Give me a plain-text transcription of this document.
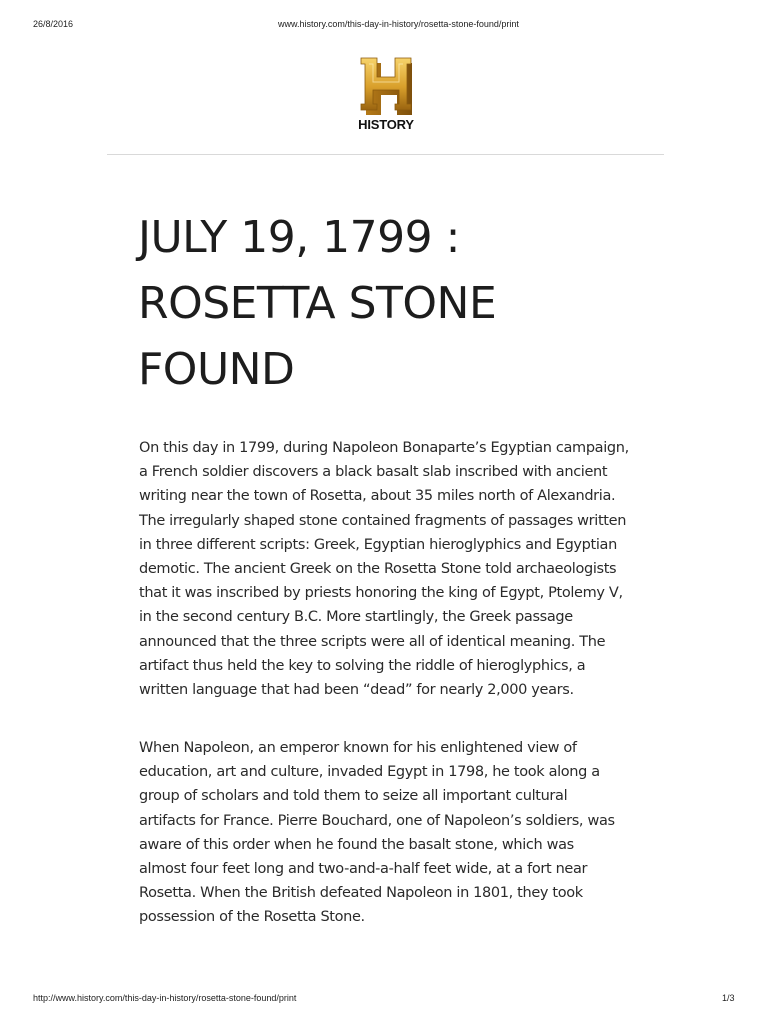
26/8/2016	www.history.com/this-day-in-history/rosetta-stone-found/print
HISTORY
JULY 19, 1799 :
ROSETTA STONE
FOUND

On this day in 1799, during Napoleon Bonaparte’s Egyptian campaign,
a French soldier discovers a black basalt slab inscribed with ancient
writing near the town of Rosetta, about 35 miles north of Alexandria.
The irregularly shaped stone contained fragments of passages written
in three different scripts: Greek, Egyptian hieroglyphics and Egyptian
demotic. The ancient Greek on the Rosetta Stone told archaeologists
that it was inscribed by priests honoring the king of Egypt, Ptolemy V,
in the second century B.C. More startlingly, the Greek passage
announced that the three scripts were all of identical meaning. The
artifact thus held the key to solving the riddle of hieroglyphics, a
written language that had been “dead” for nearly 2,000 years.

When Napoleon, an emperor known for his enlightened view of
education, art and culture, invaded Egypt in 1798, he took along a
group of scholars and told them to seize all important cultural
artifacts for France. Pierre Bouchard, one of Napoleon’s soldiers, was
aware of this order when he found the basalt stone, which was
almost four feet long and two-and-a-half feet wide, at a fort near
Rosetta. When the British defeated Napoleon in 1801, they took
possession of the Rosetta Stone.

http://www.history.com/this-day-in-history/rosetta-stone-found/print	1/3
